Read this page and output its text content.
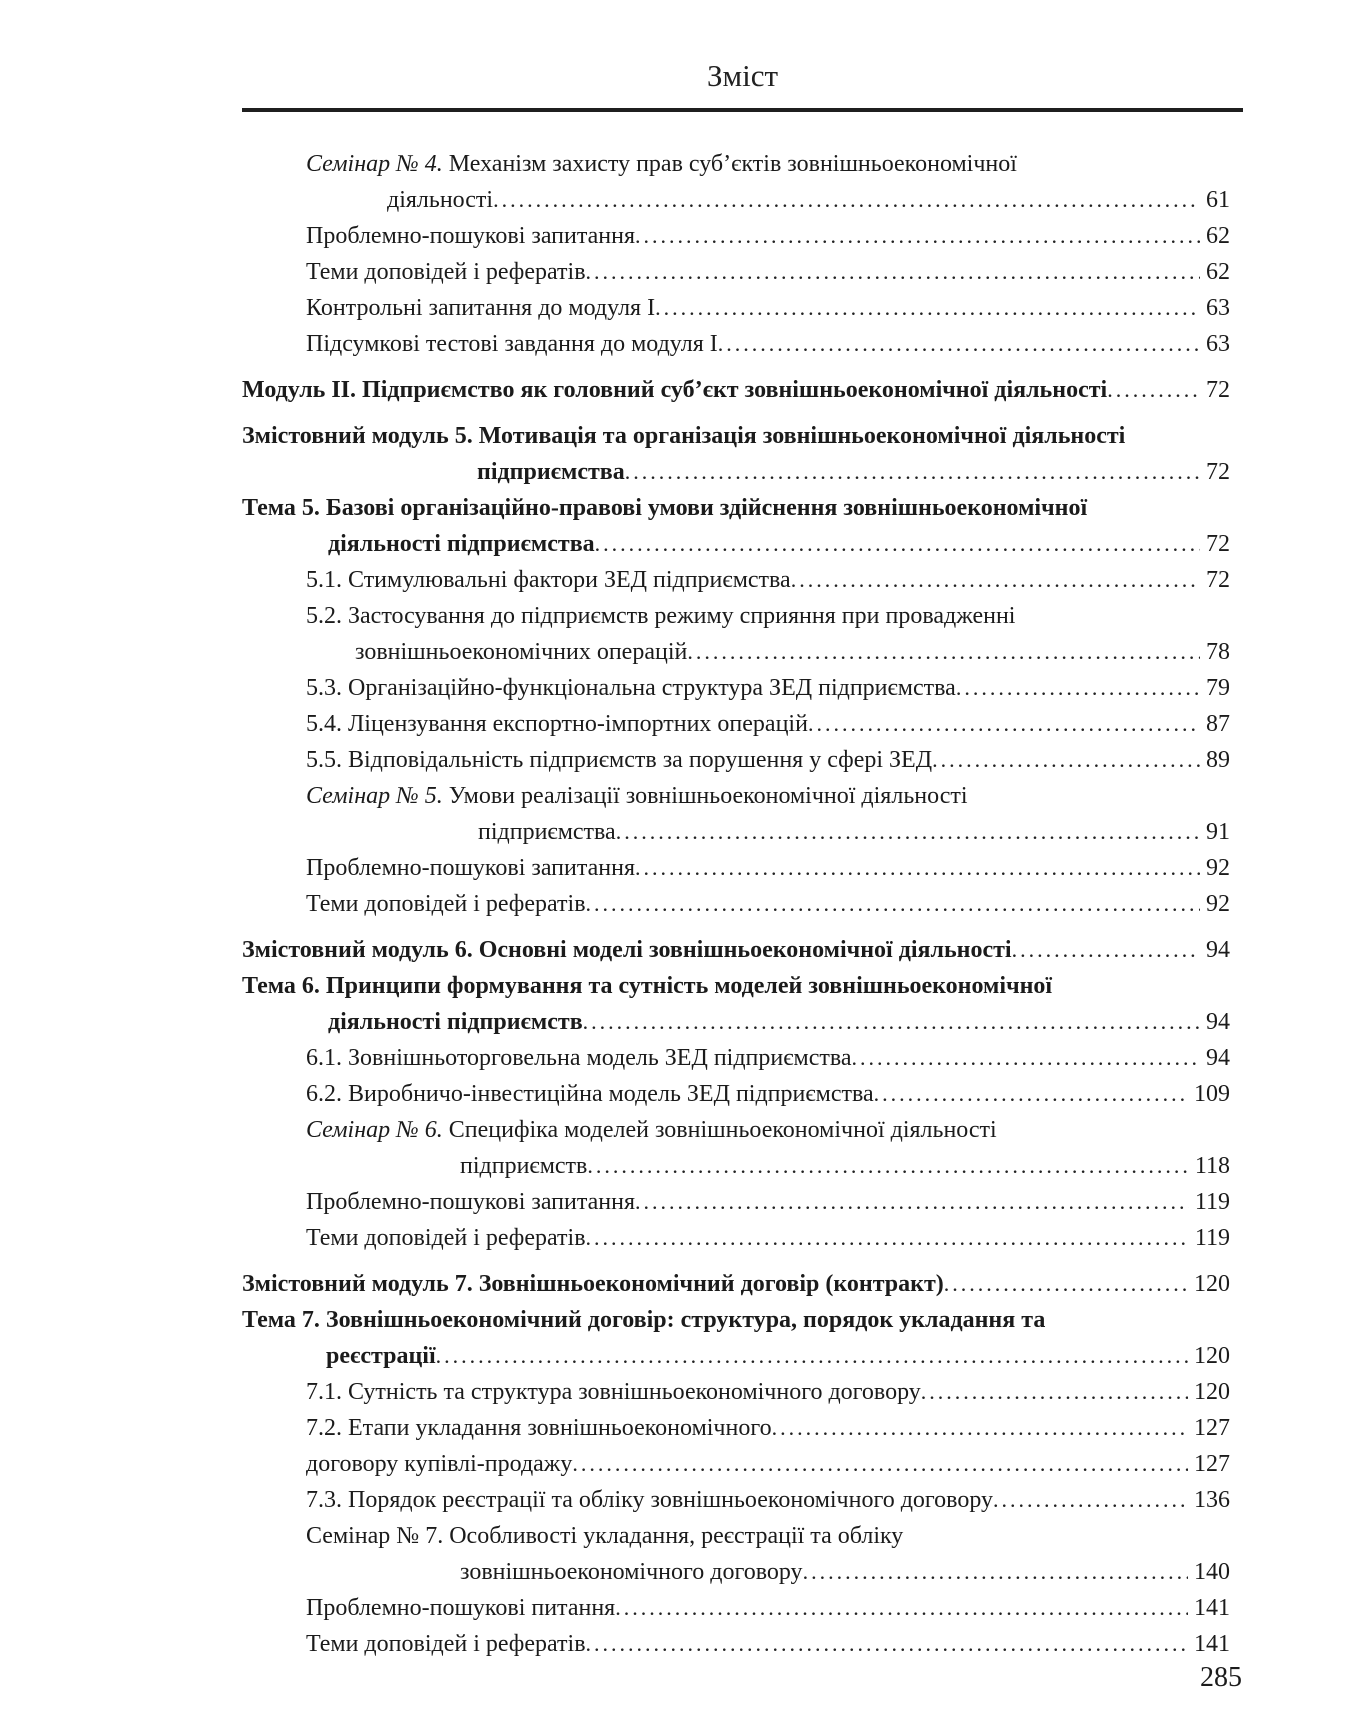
Зміст
Семінар № 4. Механізм захисту прав суб’єктів зовнішньоекономічної
діяльності .....	61
Проблемно-пошукові запитання .....	62
Теми доповідей і рефератів .....	62
Контрольні запитання до модуля I .....	63
Підсумкові тестові завдання до модуля I .....	63
Модуль II. Підприємство як головний суб’єкт зовнішньоекономічної діяльності .....	72
Змістовний модуль 5. Мотивація та організація зовнішньоекономічної діяльності
підприємства .....	72
Тема 5. Базові організаційно-правові умови здійснення зовнішньоекономічної
діяльності підприємства .....	72
5.1. Стимулювальні фактори ЗЕД підприємства .....	72
5.2. Застосування до підприємств режиму сприяння при провадженні
зовнішньоекономічних операцій .....	78
5.3. Організаційно-функціональна структура ЗЕД підприємства .....	79
5.4. Ліцензування експортно-імпортних операцій .....	87
5.5. Відповідальність підприємств за порушення у сфері ЗЕД .....	89
Семінар № 5. Умови реалізації зовнішньоекономічної діяльності
підприємства .....	91
Проблемно-пошукові запитання .....	92
Теми доповідей і рефератів .....	92
Змістовний модуль 6. Основні моделі зовнішньоекономічної діяльності .....	94
Тема 6. Принципи формування та сутність моделей зовнішньоекономічної
діяльності підприємств .....	94
6.1. Зовнішньоторговельна модель ЗЕД підприємства .....	94
6.2. Виробничо-інвестиційна модель ЗЕД підприємства .....	109
Семінар № 6. Специфіка моделей зовнішньоекономічної діяльності
підприємств .....	118
Проблемно-пошукові запитання .....	119
Теми доповідей і рефератів .....	119
Змістовний модуль 7. Зовнішньоекономічний договір (контракт) .....	120
Тема 7. Зовнішньоекономічний договір: структура, порядок укладання та
реєстрації .....	120
7.1. Сутність та структура зовнішньоекономічного договору .....	120
7.2. Етапи укладання зовнішньоекономічного .....	127
договору купівлі-продажу .....	127
7.3. Порядок реєстрації та обліку зовнішньоекономічного договору .....	136
Семінар № 7. Особливості укладання, реєстрації та обліку
зовнішньоекономічного договору .....	140
Проблемно-пошукові питання .....	141
Теми доповідей і рефератів .....	141
285
